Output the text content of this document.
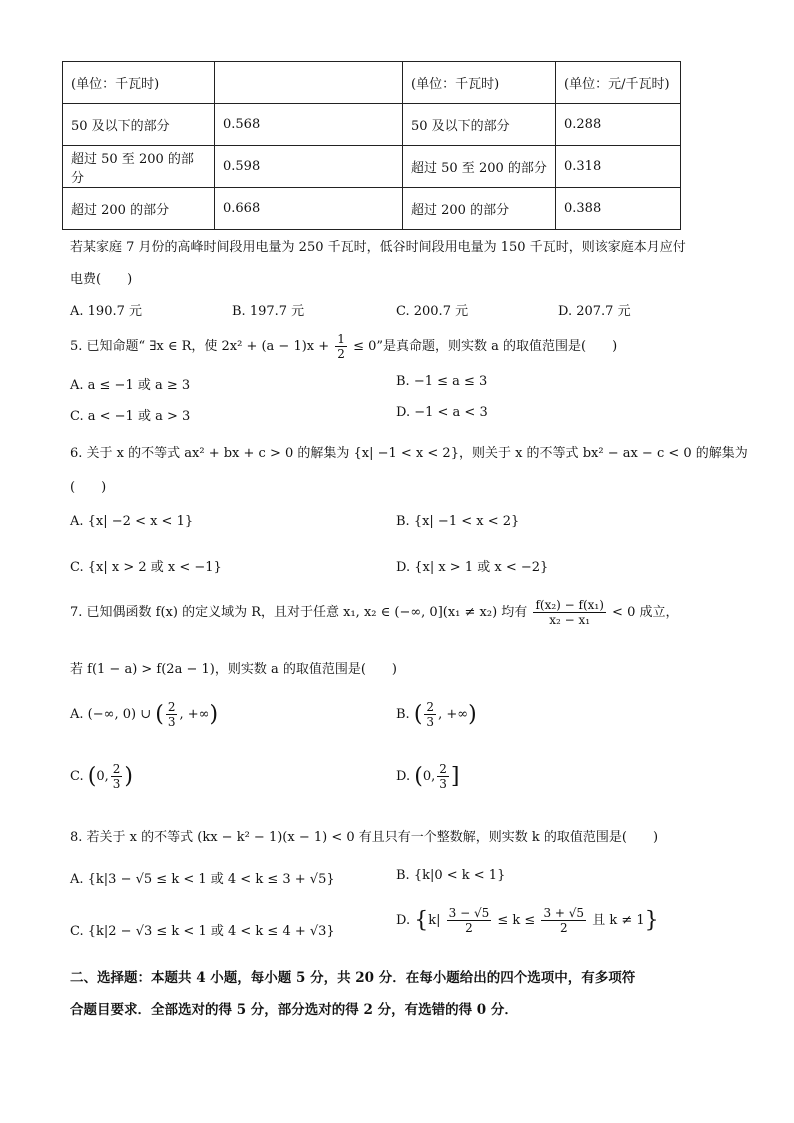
(单位：千瓦时)		(单位：千瓦时)	(单位：元/千瓦时)
50 及以下的部分	0.568	50 及以下的部分	0.288
超过 50 至 200 的部分	0.598	超过 50 至 200 的部分	0.318
超过 200 的部分	0.668	超过 200 的部分	0.388
若某家庭 7 月份的高峰时间段用电量为 250 千瓦时，低谷时间段用电量为 150 千瓦时，则该家庭本月应付
电费(　　)
A. 190.7 元	B. 197.7 元	C. 200.7 元	D. 207.7 元
5. 已知命题“ ∃x ∈ R，使 $2x^2 + (a - 1)x + \frac{1}{2} \le 0$”是真命题，则实数 a 的取值范围是(　　)
A. a ≤ −1 或 a ≥ 3	B. −1 ≤ a ≤ 3
C. a < −1 或 a > 3	D. −1 < a < 3
6. 关于 x 的不等式 ax² + bx + c > 0 的解集为 {x| −1 < x < 2}，则关于 x 的不等式 bx² − ax − c < 0 的解集为
(　　)
A. {x| −2 < x < 1}	B. {x| −1 < x < 2}
C. {x| x > 2 或 x < −1}	D. {x| x > 1 或 x < −2}
7. 已知偶函数 f(x) 的定义域为 R，且对于任意 x₁, x₂ ∈ (−∞, 0](x₁ ≠ x₂) 均有 $\frac{\text{f(x₂) − f(x₁)}}{\text{x₂ − x₁}} < 0$ 成立，
若 f(1 − a) > f(2a − 1)，则实数 a 的取值范围是(　　)
A. (−∞, 0) ∪ ( $\frac{2}{3}$ , +∞)	B. ( $\frac{2}{3}$ , +∞)
C. (0, $\frac{2}{3}$ )	D. (0, $\frac{2}{3}$ ]
8. 若关于 x 的不等式 (kx − k² − 1)(x − 1) < 0 有且只有一个整数解，则实数 k 的取值范围是(　　)
A. {k|3 − √5 ≤ k < 1 或 4 < k ≤ 3 + √5}	B. {k|0 < k < 1}
C. {k|2 − √3 ≤ k < 1 或 4 < k ≤ 4 + √3}
D. {$k| \frac{3 - √5}{2} \le k \le \frac{3 + √5}{2}$ 且 k ≠ 1}
二、选择题：本题共 4 小题，每小题 5 分，共 20 分．在每小题给出的四个选项中，有多项符
合题目要求．全部选对的得 5 分，部分选对的得 2 分，有选错的得 0 分．
